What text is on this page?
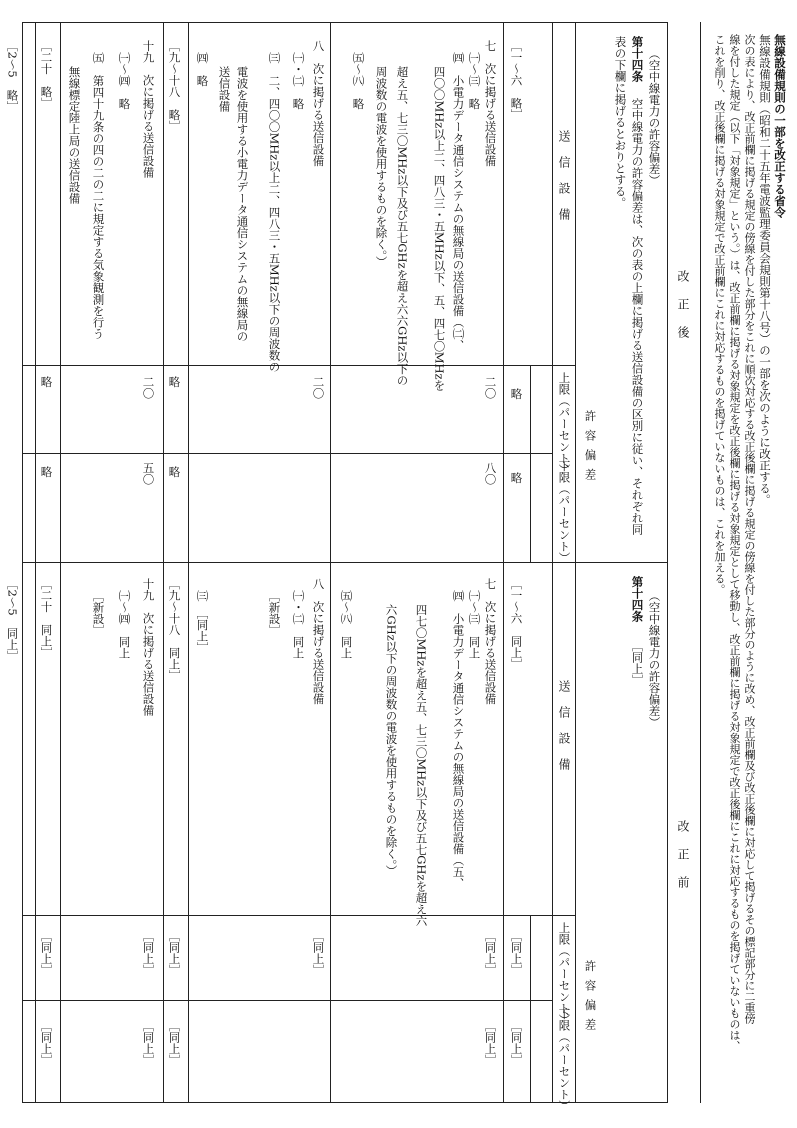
無線設備規則の一部を改正する省令
無線設備規則（昭和二十五年電波監理委員会規則第十八号）の一部を次のように改正する。
次の表により、改正前欄に掲げる規定の傍線を付した部分をこれに順次対応する改正後欄に掲げる規定の傍線を付した部分のように改め、改正前欄及び改正後欄に対応して掲げるその標記部分に二重傍
線を付した規定（以下「対象規定」という。）は、改正前欄に掲げる対象規定を改正後欄に掲げる対象規定として移動し、改正前欄に掲げる対象規定で改正後欄にこれに対応するものを掲げていないものは、
これを削り、改正後欄に掲げる対象規定で改正前欄にこれに対応するものを掲げていないものは、これを加える。
改正後
（空中線電力の許容偏差）
第十四条
空中線電力の許容偏差は、次の表の上欄に掲げる送信設備の区別に従い、それぞれ同
表の下欄に掲げるとおりとする。
送信設備
許容偏差
上限（パーセント）
下限（パーセント）
［一～六　略］
略
略
七　次に掲げる送信設備
㈠～㈢　略
㈣　小電力データ通信システムの無線局の送信設備（㈡、
四〇〇MHz以上二、四八三・五MHz以下、五、四七〇MHzを
超え五、七三〇MHz以下及び五七GHzを超え六六GHz以下の
周波数の電波を使用するものを除く。）
㈤～㈧　略
二〇
八〇
八　次に掲げる送信設備
㈠・㈡　略
㈢　二、四〇〇MHz以上二、四八三・五MHz以下の周波数の
電波を使用する小電力データ通信システムの無線局の
送信設備
㈣　略
二〇
［九～十八　略］
略
略
十九　次に掲げる送信設備
㈠～㈣　略
㈤　第四十九条の四の二の二に規定する気象観測を行う
無線標定陸上局の送信設備
二〇
五〇
［二十　略］
略
略
［2～5　略］
改正前
（空中線電力の許容偏差）
第十四条
［同上］
送信設備
許容偏差
上限（パーセント）
下限（パーセント）
［一～六　同上］
［同上］
［同上］
七　次に掲げる送信設備
㈠～㈢　同上
㈣　小電力データ通信システムの無線局の送信設備（五、
四七〇MHzを超え五、七三〇MHz以下及び五七GHzを超え六
六GHz以下の周波数の電波を使用するものを除く。）
㈤～㈧　同上
［同上］
［同上］
八　次に掲げる送信設備
㈠・㈡　同上
［新設］
㈢　［同上］
［同上］
［九～十八　同上］
［同上］
［同上］
十九　次に掲げる送信設備
㈠～㈣　同上
［新設］
［同上］
［同上］
［二十　同上］
［同上］
［同上］
［2～5　同上］
